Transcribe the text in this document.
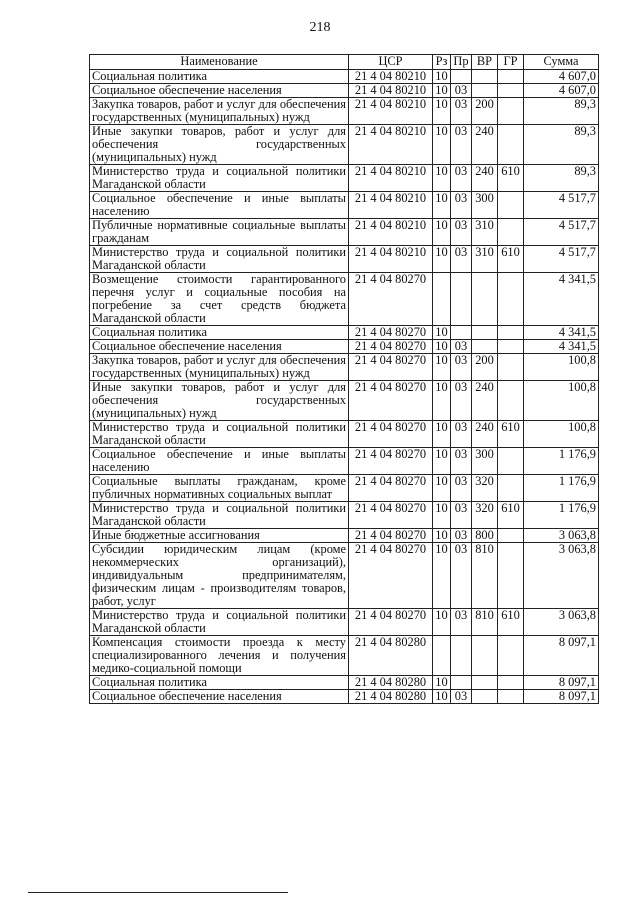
218
Наименование	ЦСР	Рз	Пр	ВР	ГР	Сумма
Социальная политика	21 4 04 80210	10				4 607,0
Социальное обеспечение населения	21 4 04 80210	10	03			4 607,0
Закупка товаров, работ и услуг для обеспечения государственных (муниципальных) нужд	21 4 04 80210	10	03	200		89,3
Иные закупки товаров, работ и услуг для обеспечения государственных (муниципальных) нужд	21 4 04 80210	10	03	240		89,3
Министерство труда и социальной политики Магаданской области	21 4 04 80210	10	03	240	610	89,3
Социальное обеспечение и иные выплаты населению	21 4 04 80210	10	03	300		4 517,7
Публичные нормативные социальные выплаты гражданам	21 4 04 80210	10	03	310		4 517,7
Министерство труда и социальной политики Магаданской области	21 4 04 80210	10	03	310	610	4 517,7
Возмещение стоимости гарантированного перечня услуг и социальные пособия на погребение за счет средств бюджета Магаданской области	21 4 04 80270					4 341,5
Социальная политика	21 4 04 80270	10				4 341,5
Социальное обеспечение населения	21 4 04 80270	10	03			4 341,5
Закупка товаров, работ и услуг для обеспечения государственных (муниципальных) нужд	21 4 04 80270	10	03	200		100,8
Иные закупки товаров, работ и услуг для обеспечения государственных (муниципальных) нужд	21 4 04 80270	10	03	240		100,8
Министерство труда и социальной политики Магаданской области	21 4 04 80270	10	03	240	610	100,8
Социальное обеспечение и иные выплаты населению	21 4 04 80270	10	03	300		1 176,9
Социальные выплаты гражданам, кроме публичных нормативных социальных выплат	21 4 04 80270	10	03	320		1 176,9
Министерство труда и социальной политики Магаданской области	21 4 04 80270	10	03	320	610	1 176,9
Иные бюджетные ассигнования	21 4 04 80270	10	03	800		3 063,8
Субсидии юридическим лицам (кроме некоммерческих организаций), индивидуальным предпринимателям, физическим лицам - производителям товаров, работ, услуг	21 4 04 80270	10	03	810		3 063,8
Министерство труда и социальной политики Магаданской области	21 4 04 80270	10	03	810	610	3 063,8
Компенсация стоимости проезда к месту специализированного лечения и получения медико-социальной помощи	21 4 04 80280					8 097,1
Социальная политика	21 4 04 80280	10				8 097,1
Социальное обеспечение населения	21 4 04 80280	10	03			8 097,1
